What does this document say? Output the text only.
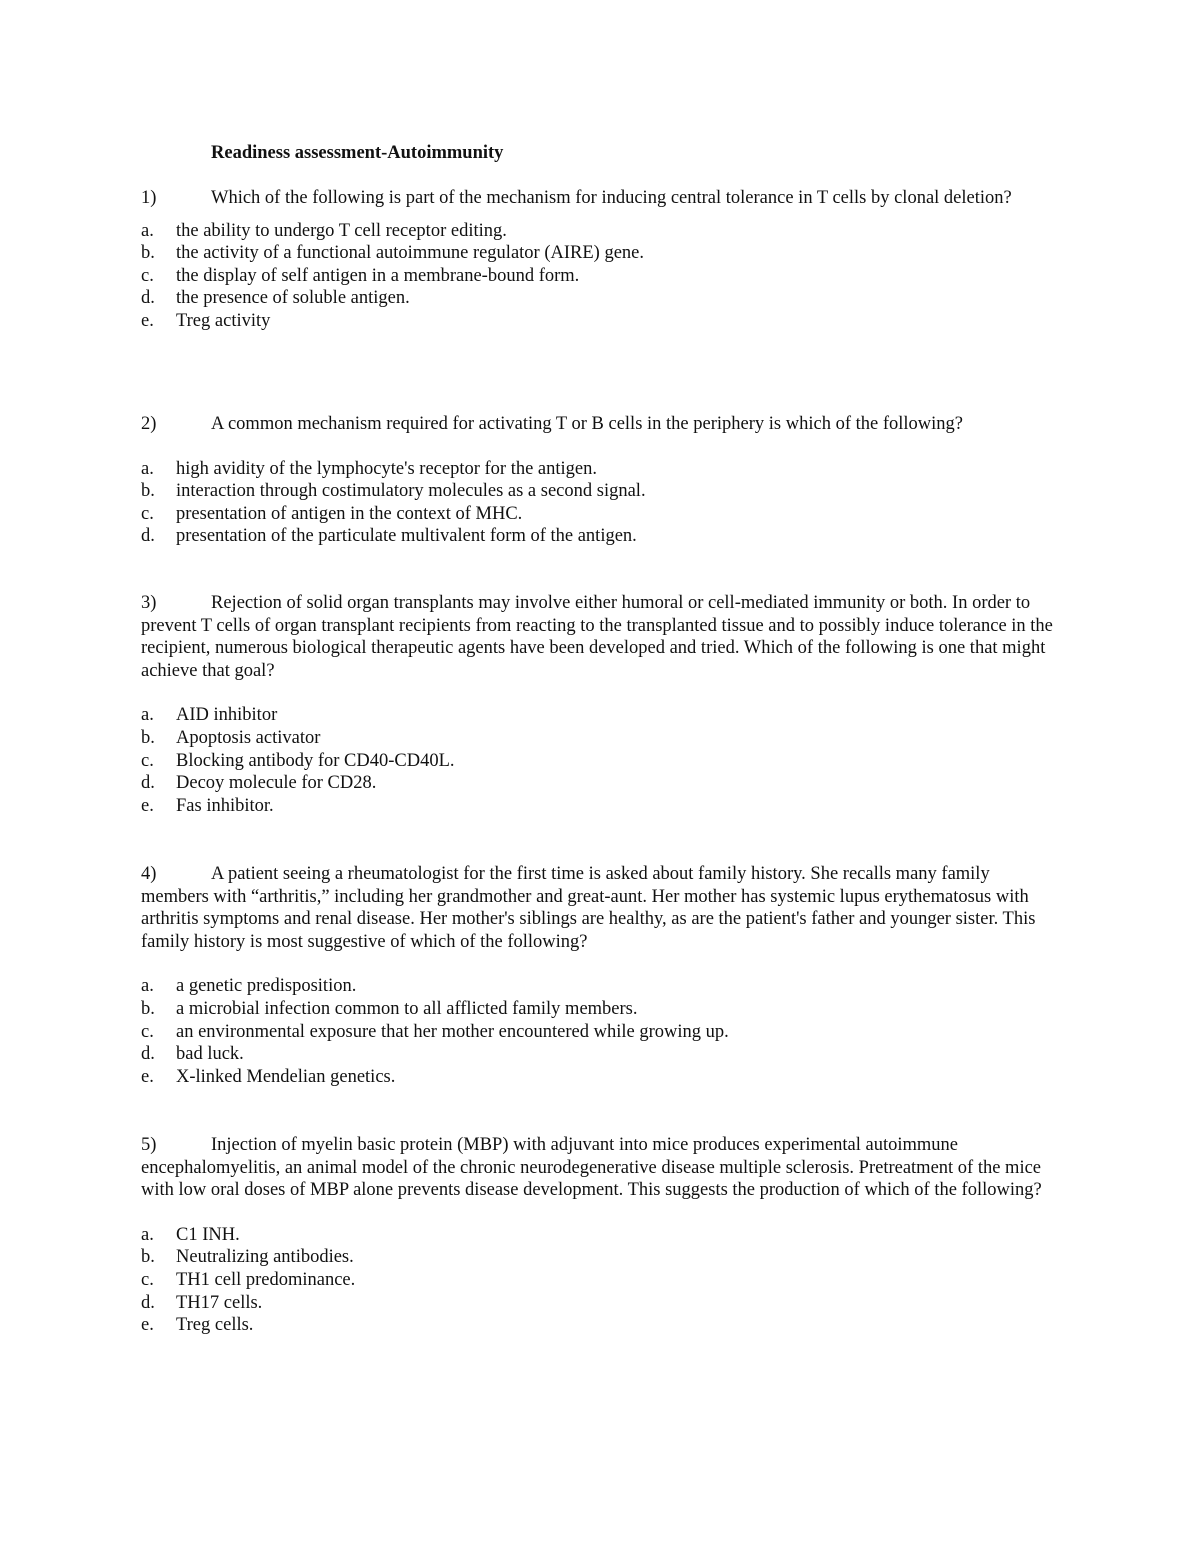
Readiness assessment-Autoimmunity
1)	Which of the following is part of the mechanism for inducing central tolerance in T cells by clonal deletion?
a. the ability to undergo T cell receptor editing.
b. the activity of a functional autoimmune regulator (AIRE) gene.
c. the display of self antigen in a membrane-bound form.
d. the presence of soluble antigen.
e. Treg activity
2)	A common mechanism required for activating T or B cells in the periphery is which of the following?
a. high avidity of the lymphocyte's receptor for the antigen.
b. interaction through costimulatory molecules as a second signal.
c. presentation of antigen in the context of MHC.
d. presentation of the particulate multivalent form of the antigen.
3)	Rejection of solid organ transplants may involve either humoral or cell-mediated immunity or both. In order to prevent T cells of organ transplant recipients from reacting to the transplanted tissue and to possibly induce tolerance in the recipient, numerous biological therapeutic agents have been developed and tried. Which of the following is one that might achieve that goal?
a. AID inhibitor
b. Apoptosis activator
c. Blocking antibody for CD40-CD40L.
d. Decoy molecule for CD28.
e. Fas inhibitor.
4)	A patient seeing a rheumatologist for the first time is asked about family history. She recalls many family members with “arthritis,” including her grandmother and great-aunt. Her mother has systemic lupus erythematosus with arthritis symptoms and renal disease. Her mother's siblings are healthy, as are the patient's father and younger sister. This family history is most suggestive of which of the following?
a. a genetic predisposition.
b. a microbial infection common to all afflicted family members.
c. an environmental exposure that her mother encountered while growing up.
d. bad luck.
e. X-linked Mendelian genetics.
5)	Injection of myelin basic protein (MBP) with adjuvant into mice produces experimental autoimmune encephalomyelitis, an animal model of the chronic neurodegenerative disease multiple sclerosis. Pretreatment of the mice with low oral doses of MBP alone prevents disease development. This suggests the production of which of the following?
a. C1 INH.
b. Neutralizing antibodies.
c. TH1 cell predominance.
d. TH17 cells.
e. Treg cells.
